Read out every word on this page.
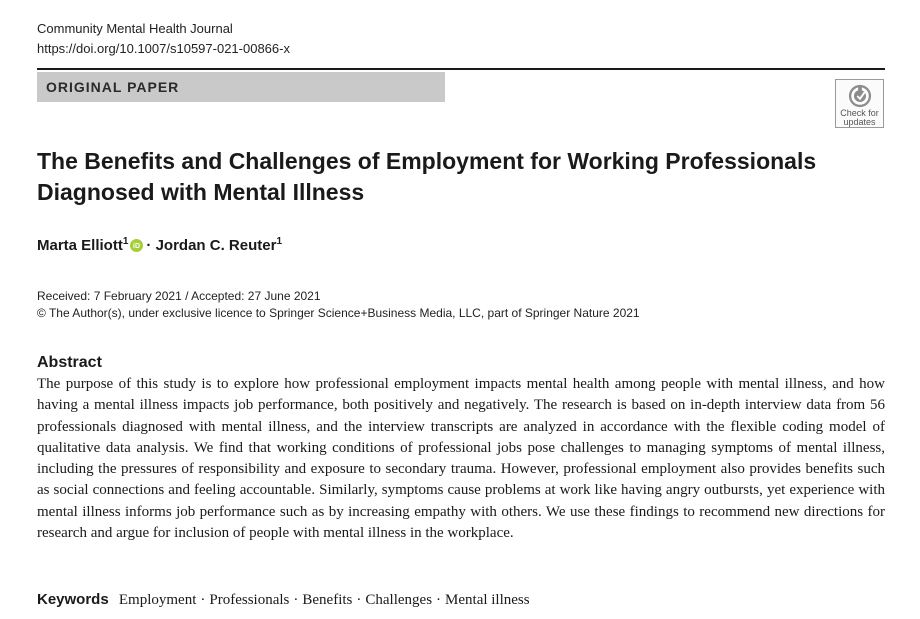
Community Mental Health Journal
https://doi.org/10.1007/s10597-021-00866-x
ORIGINAL PAPER
Check for
updates
The Benefits and Challenges of Employment for Working Professionals Diagnosed with Mental Illness
Marta Elliott$^1$ iD · Jordan C. Reuter$^1$
Received: 7 February 2021 / Accepted: 27 June 2021
© The Author(s), under exclusive licence to Springer Science+Business Media, LLC, part of Springer Nature 2021
Abstract

The purpose of this study is to explore how professional employment impacts mental health among people with mental illness, and how having a mental illness impacts job performance, both positively and negatively. The research is based on in-depth interview data from 56 professionals diagnosed with mental illness, and the interview transcripts are analyzed in accordance with the flexible coding model of qualitative data analysis. We find that working conditions of professional jobs pose challenges to managing symptoms of mental illness, including the pressures of responsibility and exposure to secondary trauma. However, professional employment also provides benefits such as social connections and feeling accountable. Similarly, symptoms cause problems at work like having angry outbursts, yet experience with mental illness informs job performance such as by increasing empathy with others. We use these findings to recommend new directions for research and argue for inclusion of people with mental illness in the workplace.

Keywords Employment · Professionals · Benefits · Challenges · Mental illness
